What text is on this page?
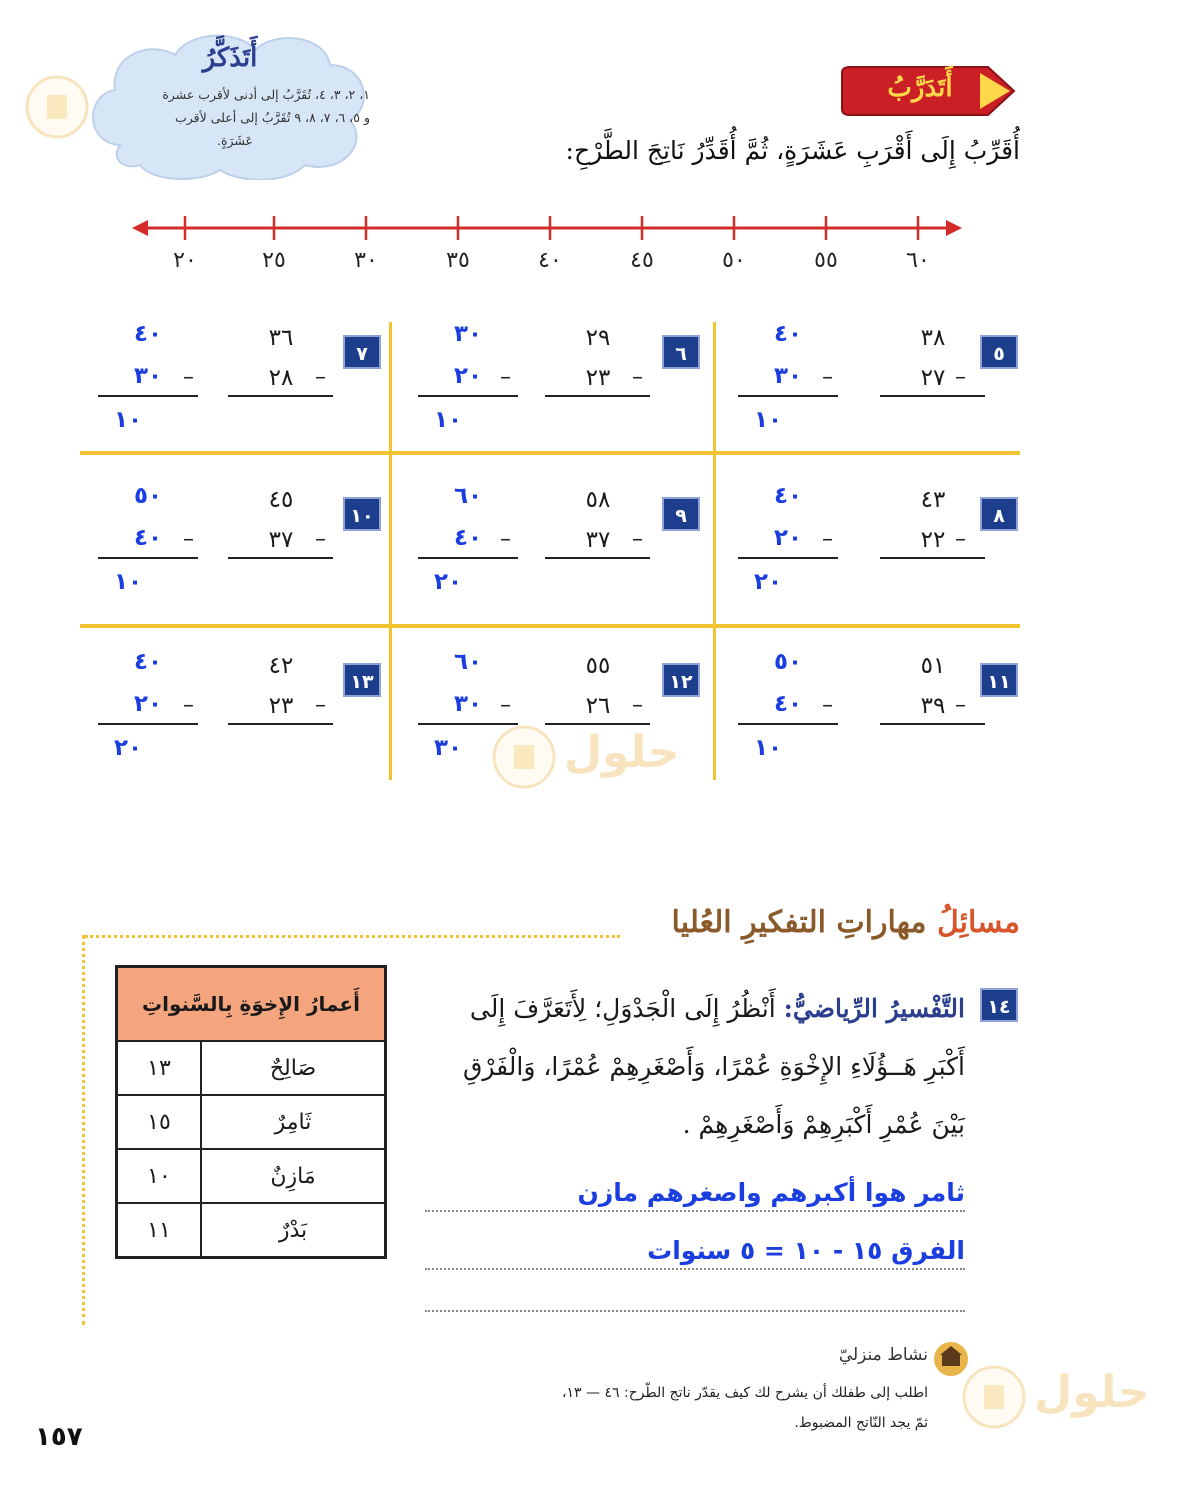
أَتَذَكَّرُ
١، ٢، ٣، ٤، تُقَرَّبُ إلى أدنى لأقرب عشرة
و ٥، ٦، ٧، ٨، ٩ تُقَرَّبُ إلى أعلى لأقرب
عَشَرَةٍ.
أَتَدَرَّبُ
أُقَرِّبُ إِلَى أَقْرَبِ عَشَرَةٍ، ثُمَّ أُقَدِّرُ نَاتِجَ الطَّرْحِ:
٢٠	٢٥	٣٠	٣٥	٤٠	٤٥	٥٠	٥٥	٦٠
٥
٣٨
٢٧ –
٤٠
٣٠ –
١٠
٦
٢٩
٢٣ –
٣٠
٢٠ –
١٠
٧
٣٦
٢٨ –
٤٠
٣٠ –
١٠
٨
٤٣
٢٢ –
٤٠
٢٠ –
٢٠
٩
٥٨
٣٧ –
٦٠
٤٠ –
٢٠
١٠
٤٥
٣٧ –
٥٠
٤٠ –
١٠
١١
٥١
٣٩ –
٥٠
٤٠ –
١٠
١٢
٥٥
٢٦ –
٦٠
٣٠ –
٣٠
١٣
٤٢
٢٣ –
٤٠
٢٠ –
٢٠	حلول
مسائِلُ مهاراتِ التفكيرِ العُليا
أَعمارُ الإِخوَةِ بِالسَّنواتِ	
١٣	صَالِحٌ
١٥	ثَامِرٌ
١٠	مَازِنٌ
١١	بَدْرٌ
١٤
التَّفْسيرُ الرِّياضيُّ: أَنْظُرُ إِلَى الْجَدْوَلِ؛ لِأَتَعَرَّفَ إِلَى أَكْبَرِ هَــؤُلَاءِ الإِخْوَةِ عُمْرًا، وَأَصْغَرِهِمْ عُمْرًا، وَالْفَرْقِ بَيْنَ عُمْرِ أَكْبَرِهِمْ وَأَصْغَرِهِمْ .
ثامر هوا أكبرهم واصغرهم مازن
الفرق ١٥ - ١٠ = ٥ سنوات
نشاط منزليّ
اطلب إلى طفلك أن يشرح لك كيف يقدّر ناتج الطّرح: ٤٦ — ١٣،
ثمّ يجد النّاتج المضبوط.
حلول
١٥٧
